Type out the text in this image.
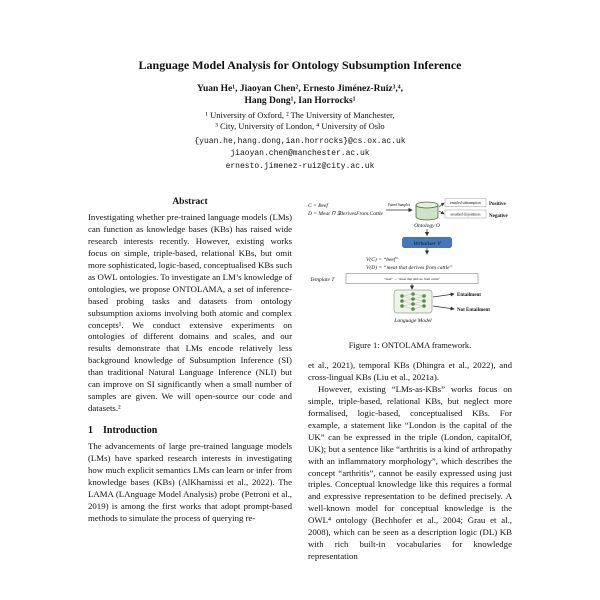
Language Model Analysis for Ontology Subsumption Inference
Yuan He¹, Jiaoyan Chen², Ernesto Jiménez-Ruiz³,⁴,
Hang Dong¹, Ian Horrocks¹
¹ University of Oxford, ² The University of Manchester,
³ City, University of London, ⁴ University of Oslo
{yuan.he,hang.dong,ian.horrocks}@cs.ox.ac.uk
jiaoyan.chen@manchester.ac.uk
ernesto.jimenez-ruiz@city.ac.uk
Abstract

Investigating whether pre-trained language models (LMs) can function as knowledge bases (KBs) has raised wide research interests recently. However, existing works focus on simple, triple-based, relational KBs, but omit more sophisticated, logic-based, conceptualised KBs such as OWL ontologies. To investigate an LM’s knowledge of ontologies, we propose ONTOLAMA, a set of inference-based probing tasks and datasets from ontology subsumption axioms involving both atomic and complex concepts¹. We conduct extensive experiments on ontologies of different domains and scales, and our results demonstrate that LMs encode relatively less background knowledge of Subsumption Inference (SI) than traditional Natural Language Inference (NLI) but can improve on SI significantly when a small number of samples are given. We will open-source our code and datasets.²

1 Introduction

The advancements of large pre-trained language models (LMs) have sparked research interests in investigating how much explicit semantics LMs can learn or infer from knowledge bases (KBs) (AlKhamissi et al., 2022). The LAMA (LAnguage Model Analysis) probe (Petroni et al., 2019) is among the first works that adopt prompt-based methods to simulate the process of querying re-

C = Beef
D = Meat ⊓ ∃derivesFrom.Cattle
Paired Samples
Ontology O
entailed subsumption Positive
assumed disjointness Negative
Verbaliser V
V(C) = “beef”
V(D) = “meat that derives from cattle”
Template T	“beef” … “meat that derives from cattle”
Language Model
Entailment
Not Entailment
Figure 1: ONTOLAMA framework.

et al., 2021), temporal KBs (Dhingra et al., 2022), and cross-lingual KBs (Liu et al., 2021a).

However, existing “LMs-as-KBs” works focus on simple, triple-based, relational KBs, but neglect more formalised, logic-based, conceptualised KBs. For example, a statement like “London is the capital of the UK” can be expressed in the triple (London, capitalOf, UK); but a sentence like “arthritis is a kind of arthropathy with an inflammatory morphology”, which describes the concept “arthritis”, cannot be easily expressed using just triples. Conceptual knowledge like this requires a formal and expressive representation to be defined precisely. A well-known model for conceptual knowledge is the OWL⁴ ontology (Bechhofer et al., 2004; Grau et al., 2008), which can be seen as a description logic (DL) KB with rich built-in vocabularies for knowledge representation
